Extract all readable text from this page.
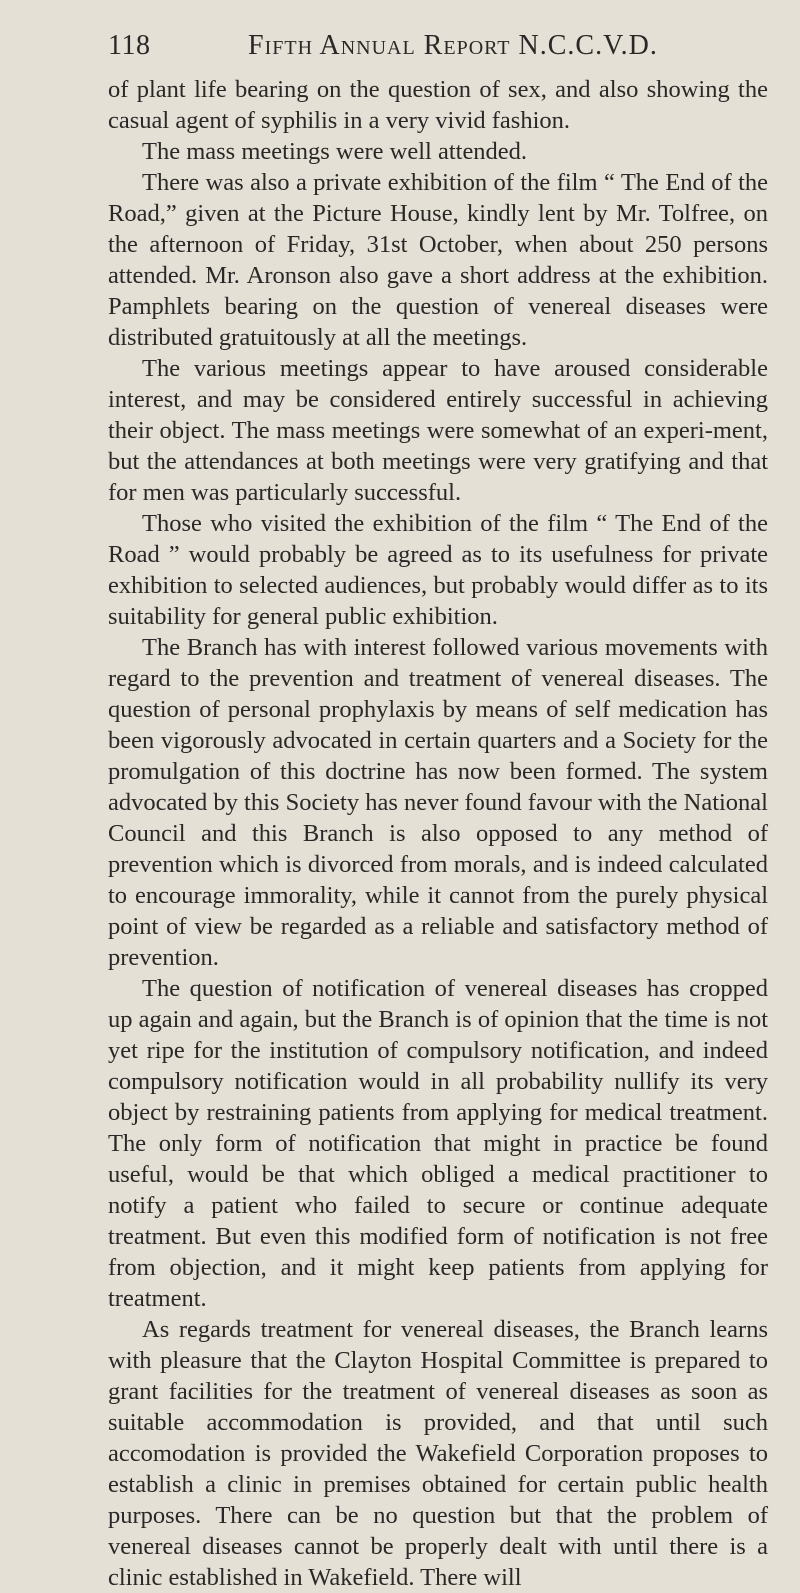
118	Fifth Annual Report N.C.C.V.D.

of plant life bearing on the question of sex, and also showing the casual agent of syphilis in a very vivid fashion.

The mass meetings were well attended.

There was also a private exhibition of the film “ The End of the Road,” given at the Picture House, kindly lent by Mr. Tolfree, on the afternoon of Friday, 31st October, when about 250 persons attended. Mr. Aronson also gave a short address at the exhibition. Pamphlets bearing on the question of venereal diseases were distributed gratuitously at all the meetings.

The various meetings appear to have aroused considerable interest, and may be considered entirely successful in achieving their object. The mass meetings were somewhat of an experi-ment, but the attendances at both meetings were very gratifying and that for men was particularly successful.

Those who visited the exhibition of the film “ The End of the Road ” would probably be agreed as to its usefulness for private exhibition to selected audiences, but probably would differ as to its suitability for general public exhibition.

The Branch has with interest followed various movements with regard to the prevention and treatment of venereal diseases. The question of personal prophylaxis by means of self medication has been vigorously advocated in certain quarters and a Society for the promulgation of this doctrine has now been formed. The system advocated by this Society has never found favour with the National Council and this Branch is also opposed to any method of prevention which is divorced from morals, and is indeed calculated to encourage immorality, while it cannot from the purely physical point of view be regarded as a reliable and satisfactory method of prevention.

The question of notification of venereal diseases has cropped up again and again, but the Branch is of opinion that the time is not yet ripe for the institution of compulsory notification, and indeed compulsory notification would in all probability nullify its very object by restraining patients from applying for medical treatment. The only form of notification that might in practice be found useful, would be that which obliged a medical practitioner to notify a patient who failed to secure or continue adequate treatment. But even this modified form of notification is not free from objection, and it might keep patients from applying for treatment.

As regards treatment for venereal diseases, the Branch learns with pleasure that the Clayton Hospital Committee is prepared to grant facilities for the treatment of venereal diseases as soon as suitable accommodation is provided, and that until such accomodation is provided the Wakefield Corporation proposes to establish a clinic in premises obtained for certain public health purposes. There can be no question but that the problem of venereal diseases cannot be properly dealt with until there is a clinic established in Wakefield. There will
